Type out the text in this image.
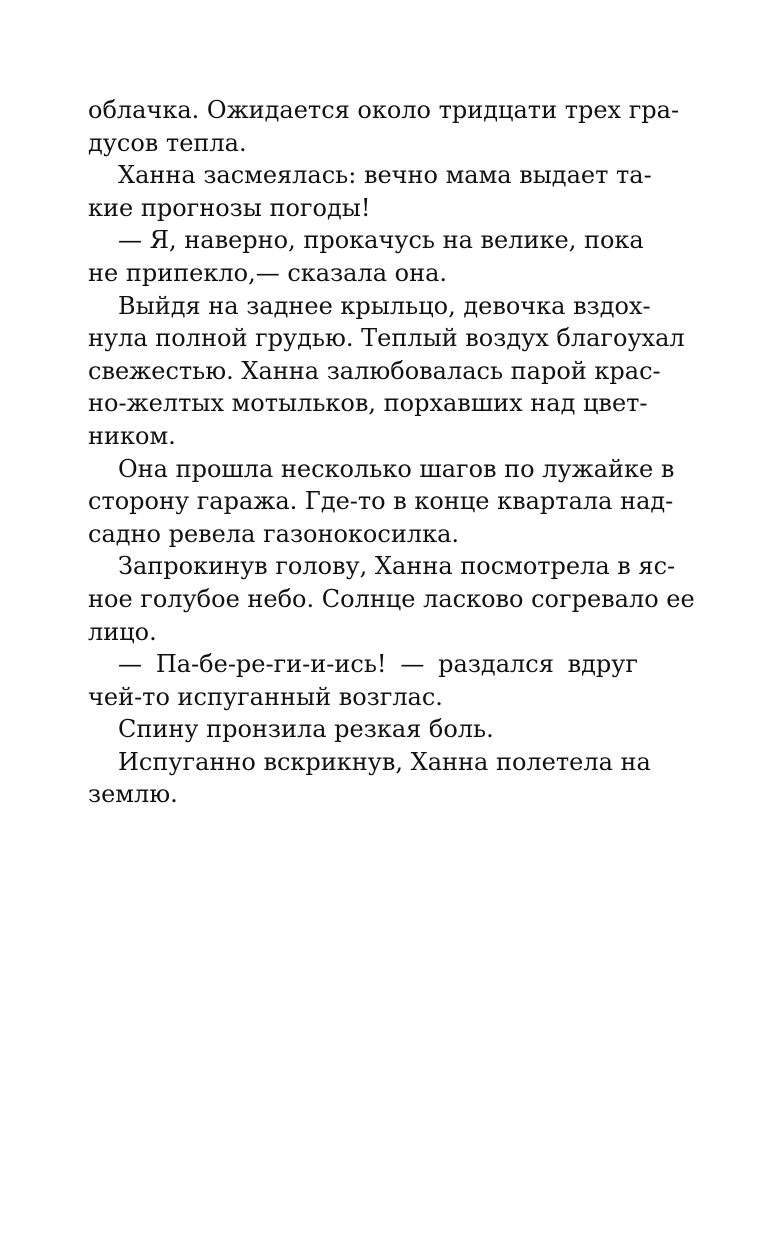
облачка. Ожидается около тридцати трех гра-
дусов тепла.
Ханна засмеялась: вечно мама выдает та-
кие прогнозы погоды!
— Я, наверно, прокачусь на велике, пока
не припекло,— сказала она.
Выйдя на заднее крыльцо, девочка вздох-
нула полной грудью. Теплый воздух благоухал
свежестью. Ханна залюбовалась парой крас-
но-желтых мотыльков, порхавших над цвет-
ником.
Она прошла несколько шагов по лужайке в
сторону гаража. Где-то в конце квартала над-
садно ревела газонокосилка.
Запрокинув голову, Ханна посмотрела в яс-
ное голубое небо. Солнце ласково согревало ее
лицо.
— Па-бе-ре-ги-и-ись! — раздался вдруг
чей-то испуганный возглас.
Спину пронзила резкая боль.
Испуганно вскрикнув, Ханна полетела на
землю.
